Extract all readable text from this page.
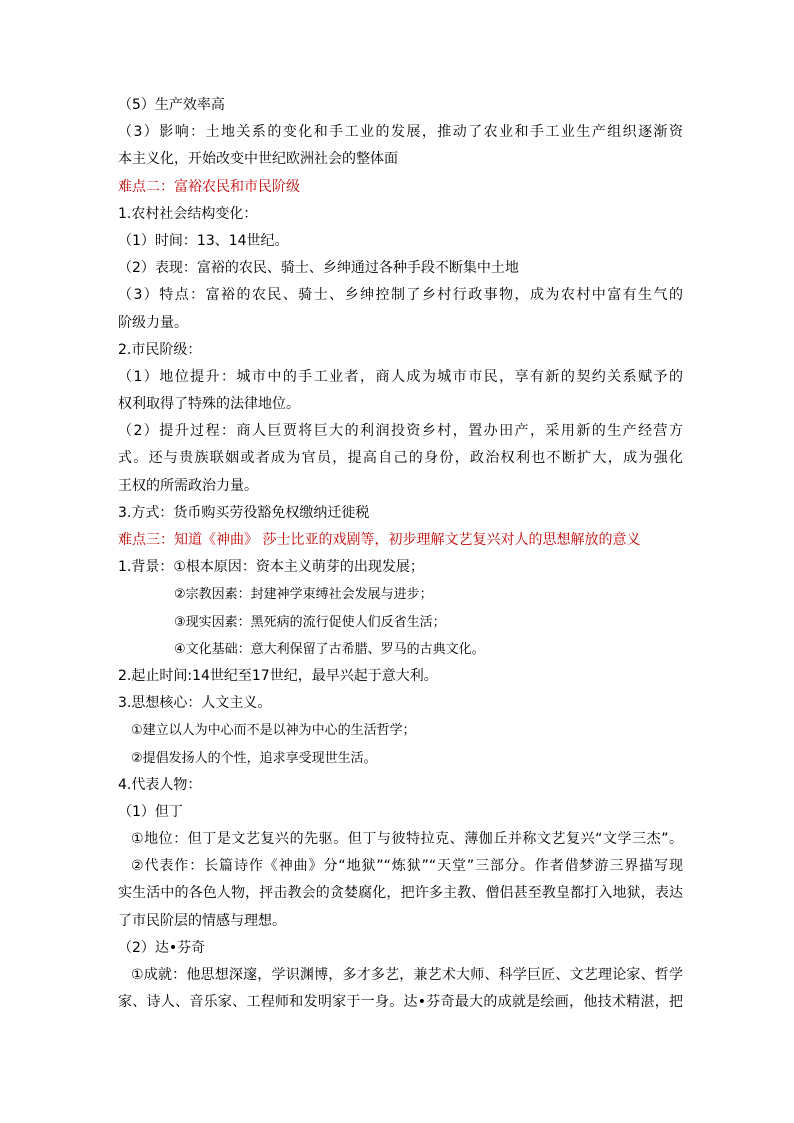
（5）生产效率高
（3）影响：土地关系的变化和手工业的发展，推动了农业和手工业生产组织逐渐资
本主义化，开始改变中世纪欧洲社会的整体面
难点二：富裕农民和市民阶级
1.农村社会结构变化：
（1）时间：13、14世纪。
（2）表现：富裕的农民、骑士、乡绅通过各种手段不断集中土地
（3）特点：富裕的农民、骑士、乡绅控制了乡村行政事物，成为农村中富有生气的
阶级力量。
2.市民阶级：
（1）地位提升：城市中的手工业者，商人成为城市市民，享有新的契约关系赋予的
权利取得了特殊的法律地位。
（2）提升过程：商人巨贾将巨大的利润投资乡村，置办田产，采用新的生产经营方
式。还与贵族联姻或者成为官员，提高自己的身份，政治权利也不断扩大，成为强化
王权的所需政治力量。
3.方式：货币购买劳役豁免权缴纳迁徙税
难点三：知道《神曲》 莎士比亚的戏剧等，初步理解文艺复兴对人的思想解放的意义
1.背景：①根本原因：资本主义萌芽的出现发展；
②宗教因素：封建神学束缚社会发展与进步；
③现实因素：黑死病的流行促使人们反省生活；
④文化基础：意大利保留了古希腊、罗马的古典文化。
2.起止时间:14世纪至17世纪，最早兴起于意大利。
3.思想核心：人文主义。
①建立以人为中心而不是以神为中心的生活哲学；
②提倡发扬人的个性，追求享受现世生活。
4.代表人物：
（1）但丁
①地位：但丁是文艺复兴的先驱。但丁与彼特拉克、薄伽丘并称文艺复兴“文学三杰”。
②代表作：长篇诗作《神曲》分“地狱”“炼狱”“天堂”三部分。作者借梦游三界描写现
实生活中的各色人物，抨击教会的贪婪腐化，把许多主教、僧侣甚至教皇都打入地狱，表达
了市民阶层的情感与理想。
（2）达•芬奇
①成就：他思想深邃，学识渊博，多才多艺，兼艺术大师、科学巨匠、文艺理论家、哲学
家、诗人、音乐家、工程师和发明家于一身。达•芬奇最大的成就是绘画，他技术精湛，把
